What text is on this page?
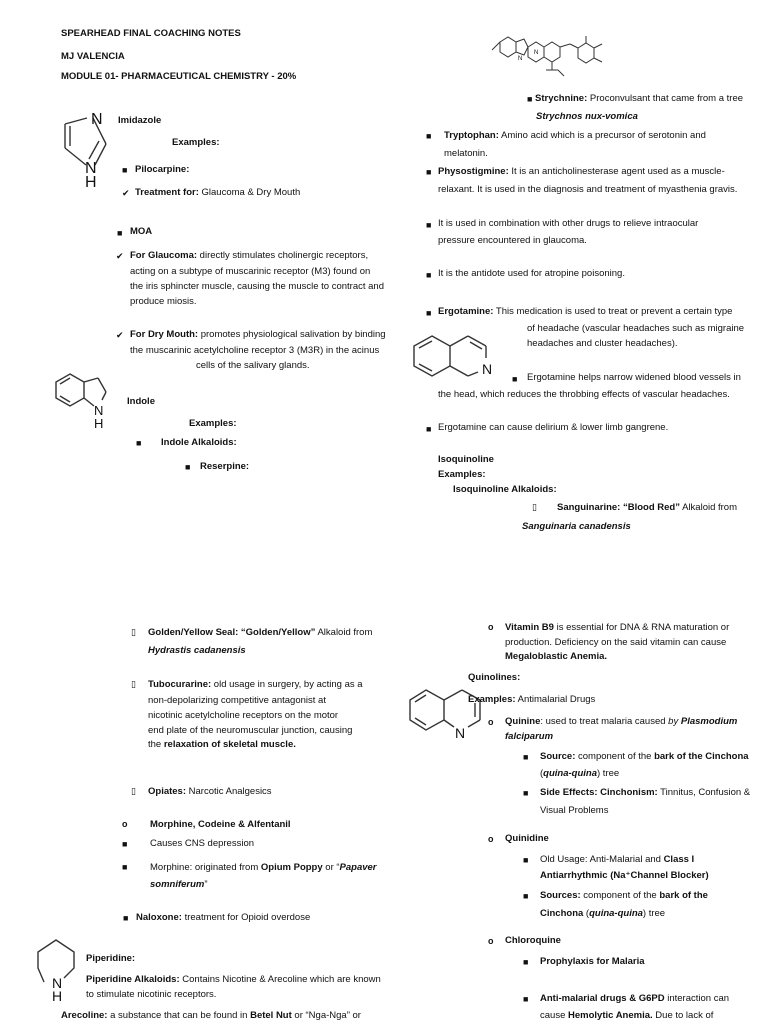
SPEARHEAD FINAL COACHING NOTES
MJ VALENCIA
MODULE 01- PHARMACEUTICAL CHEMISTRY - 20%
N
N
H
N
H
N
N
N
N
N
H
Imidazole
Examples:
■ Pilocarpine:
✔ Treatment for: Glaucoma & Dry Mouth
■ MOA
✔ For Glaucoma: directly stimulates cholinergic receptors,
acting on a subtype of muscarinic receptor (M3) found on
the iris sphincter muscle, causing the muscle to contract and
produce miosis.
✔ For Dry Mouth: promotes physiological salivation by binding
the muscarinic acetylcholine receptor 3 (M3R) in the acinus
cells of the salivary glands.
Indole
Examples:
■ Indole Alkaloids:
■ Reserpine:
■ Strychnine: Proconvulsant that came from a tree
Strychnos nux-vomica
■ Tryptophan: Amino acid which is a precursor of serotonin and
melatonin.
■ Physostigmine: It is an anticholinesterase agent used as a muscle-
relaxant. It is used in the diagnosis and treatment of myasthenia gravis.
■ It is used in combination with other drugs to relieve intraocular
pressure encountered in glaucoma.
■ It is the antidote used for atropine poisoning.
■ Ergotamine: This medication is used to treat or prevent a certain type
of headache (vascular headaches such as migraine
headaches and cluster headaches).
■ Ergotamine helps narrow widened blood vessels in
the head, which reduces the throbbing effects of vascular headaches.
■ Ergotamine can cause delirium & lower limb gangrene.
Isoquinoline
Examples:
Isoquinoline Alkaloids:
▯ Sanguinarine: “Blood Red” Alkaloid from
Sanguinaria canadensis
▯ Golden/Yellow Seal: “Golden/Yellow” Alkaloid from
Hydrastis cadanensis
▯ Tubocurarine: old usage in surgery, by acting as a
non-depolarizing competitive antagonist at
nicotinic acetylcholine receptors on the motor
end plate of the neuromuscular junction, causing
the relaxation of skeletal muscle.
▯ Opiates: Narcotic Analgesics
o Morphine, Codeine & Alfentanil
■ Causes CNS depression
■ Morphine: originated from Opium Poppy or “Papaver
somniferum”
■ Naloxone: treatment for Opioid overdose
Piperidine:
Piperidine Alkaloids: Contains Nicotine & Arecoline which are known
to stimulate nicotinic receptors.
Arecoline: a substance that can be found in Betel Nut or “Nga-Nga” or
o Vitamin B9 is essential for DNA & RNA maturation or
production. Deficiency on the said vitamin can cause
Megaloblastic Anemia.
Quinolines:
Examples: Antimalarial Drugs
o Quinine: used to treat malaria caused by Plasmodium
falciparum
■ Source: component of the bark of the Cinchona
(quina-quina) tree
■ Side Effects: Cinchonism: Tinnitus, Confusion &
Visual Problems
o Quinidine
■ Old Usage: Anti-Malarial and Class I
Antiarrhythmic (Na⁺Channel Blocker)
■ Sources: component of the bark of the
Cinchona (quina-quina) tree
o Chloroquine
■ Prophylaxis for Malaria
■ Anti-malarial drugs & G6PD interaction can
cause Hemolytic Anemia. Due to lack of
